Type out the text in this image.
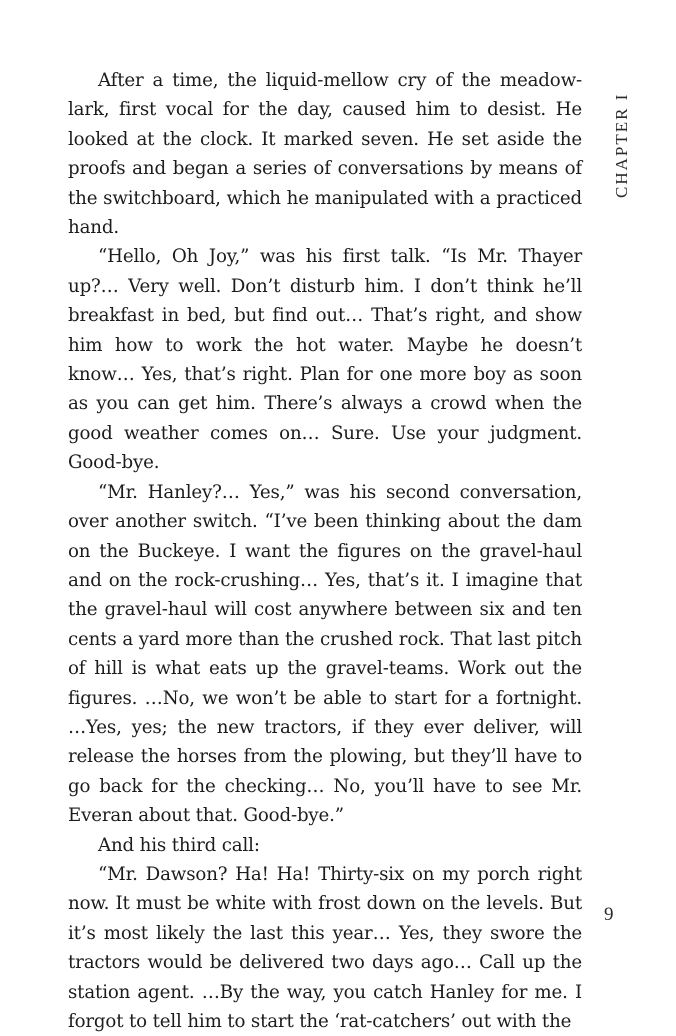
CHAPTER I

After a time, the liquid-mellow cry of the meadow-lark, first vocal for the day, caused him to desist. He looked at the clock. It marked seven. He set aside the proofs and began a series of conversations by means of the switchboard, which he manipulated with a practiced hand.

“Hello, Oh Joy,” was his first talk. “Is Mr. Thayer up?… Very well. Don’t disturb him. I don’t think he’ll breakfast in bed, but find out… That’s right, and show him how to work the hot water. Maybe he doesn’t know… Yes, that’s right. Plan for one more boy as soon as you can get him. There’s always a crowd when the good weather comes on… Sure. Use your judgment. Good-bye.

“Mr. Hanley?… Yes,” was his second conversation, over another switch. “I’ve been thinking about the dam on the Buckeye. I want the figures on the gravel-haul and on the rock-crushing… Yes, that’s it. I imagine that the gravel-haul will cost anywhere between six and ten cents a yard more than the crushed rock. That last pitch of hill is what eats up the gravel-teams. Work out the figures. …No, we won’t be able to start for a fortnight. …Yes, yes; the new tractors, if they ever deliver, will release the horses from the plowing, but they’ll have to go back for the checking… No, you’ll have to see Mr. Everan about that. Good-bye.”

And his third call:

“Mr. Dawson? Ha! Ha! Thirty-six on my porch right now. It must be white with frost down on the levels. But it’s most likely the last this year… Yes, they swore the tractors would be delivered two days ago… Call up the station agent. …By the way, you catch Hanley for me. I forgot to tell him to start the ‘rat-catchers’ out with the

9
